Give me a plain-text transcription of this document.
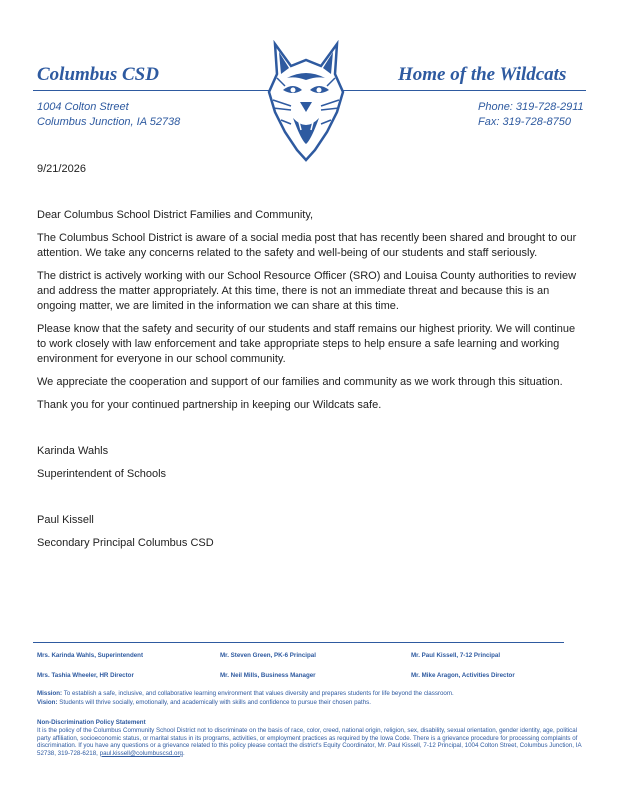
Columbus CSD	Home of the Wildcats
1004 Colton Street
Columbus Junction, IA 52738
Phone: 319-728-2911
Fax: 319-728-8750
9/21/2026

Dear Columbus School District Families and Community,

The Columbus School District is aware of a social media post that has recently been shared and brought to our attention. We take any concerns related to the safety and well-being of our students and staff seriously.

The district is actively working with our School Resource Officer (SRO) and Louisa County authorities to review and address the matter appropriately. At this time, there is not an immediate threat and because this is an ongoing matter, we are limited in the information we can share at this time.

Please know that the safety and security of our students and staff remains our highest priority. We will continue to work closely with law enforcement and take appropriate steps to help ensure a safe learning and working environment for everyone in our school community.

We appreciate the cooperation and support of our families and community as we work through this situation.

Thank you for your continued partnership in keeping our Wildcats safe.

Karinda Wahls
Superintendent of Schools
Paul Kissell
Secondary Principal Columbus CSD
Mrs. Karinda Wahls, Superintendent	Mr. Steven Green, PK-6 Principal	Mr. Paul Kissell, 7-12 Principal
Mrs. Tashia Wheeler, HR Director	Mr. Neil Mills, Business Manager	Mr. Mike Aragon, Activities Director
Mission: To establish a safe, inclusive, and collaborative learning environment that values diversity and prepares students for life beyond the classroom.
Vision: Students will thrive socially, emotionally, and academically with skills and confidence to pursue their chosen paths.
Non-Discrimination Policy Statement
It is the policy of the Columbus Community School District not to discriminate on the basis of race, color, creed, national origin, religion, sex, disability, sexual orientation, gender identity, age, political party affiliation, socioeconomic status, or marital status in its programs, activities, or employment practices as required by the Iowa Code. There is a grievance procedure for processing complaints of discrimination. If you have any questions or a grievance related to this policy please contact the district's Equity Coordinator, Mr. Paul Kissell, 7-12 Principal, 1004 Colton Street, Columbus Junction, IA 52738, 319-728-6218, paul.kissell@columbuscsd.org.
